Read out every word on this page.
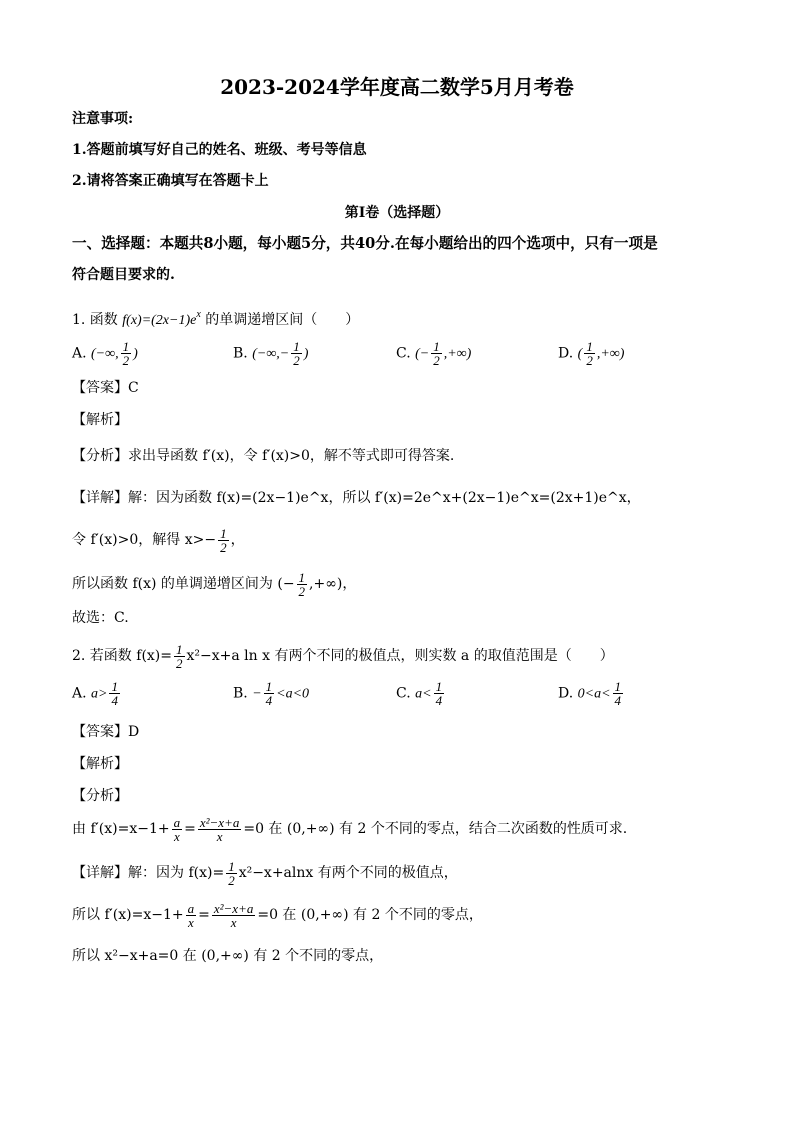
2023-2024学年度高二数学5月月考卷
注意事项:
1.答题前填写好自己的姓名、班级、考号等信息
2.请将答案正确填写在答题卡上
第I卷（选择题）
一、选择题：本题共8小题，每小题5分，共40分.在每小题给出的四个选项中，只有一项是
符合题目要求的.
1. 函数 $f(x)=(2x-1)e^x$ 的单调递增区间（　　）
A. (−∞, $\frac{1}{2}$ )	B. (−∞,− $\frac{1}{2}$ )	C. (− $\frac{1}{2}$ ,+∞)	D. ( $\frac{1}{2}$ ,+∞)
【答案】C
【解析】
【分析】求出导函数 f′(x)，令 f′(x)>0，解不等式即可得答案.
【详解】解：因为函数 f(x)=(2x−1)e^x，所以 f′(x)=2e^x+(2x−1)e^x=(2x+1)e^x，
令 f′(x)>0，解得 $x>- \frac{1}{2}$ ，
所以函数 f(x) 的单调递增区间为 (− $\frac{1}{2}$ ,+∞)，
故选：C.
2. 若函数 $f(x)= \frac{1}{2} x^2-x+a$ ln x 有两个不同的极值点，则实数 a 的取值范围是（　　）
A. $a> \frac{1}{4}$	B. − $\frac{1}{4} <a<0$	C. $a< \frac{1}{4}$	D. $0<a< \frac{1}{4}$
【答案】D
【解析】
【分析】
由 $f'(x)=x-1+ \frac{a}{x} = \frac{\text{x²−x+a}}{x} =0$ 在 (0,+∞) 有 2 个不同的零点，结合二次函数的性质可求.
【详解】解：因为 $f(x)= \frac{1}{2} x^2-x+alnx$ 有两个不同的极值点，
所以 $f'(x)=x-1+ \frac{a}{x} = \frac{\text{x²−x+a}}{x} =0$ 在 (0,+∞) 有 2 个不同的零点，
所以 x²−x+a=0 在 (0,+∞) 有 2 个不同的零点，
